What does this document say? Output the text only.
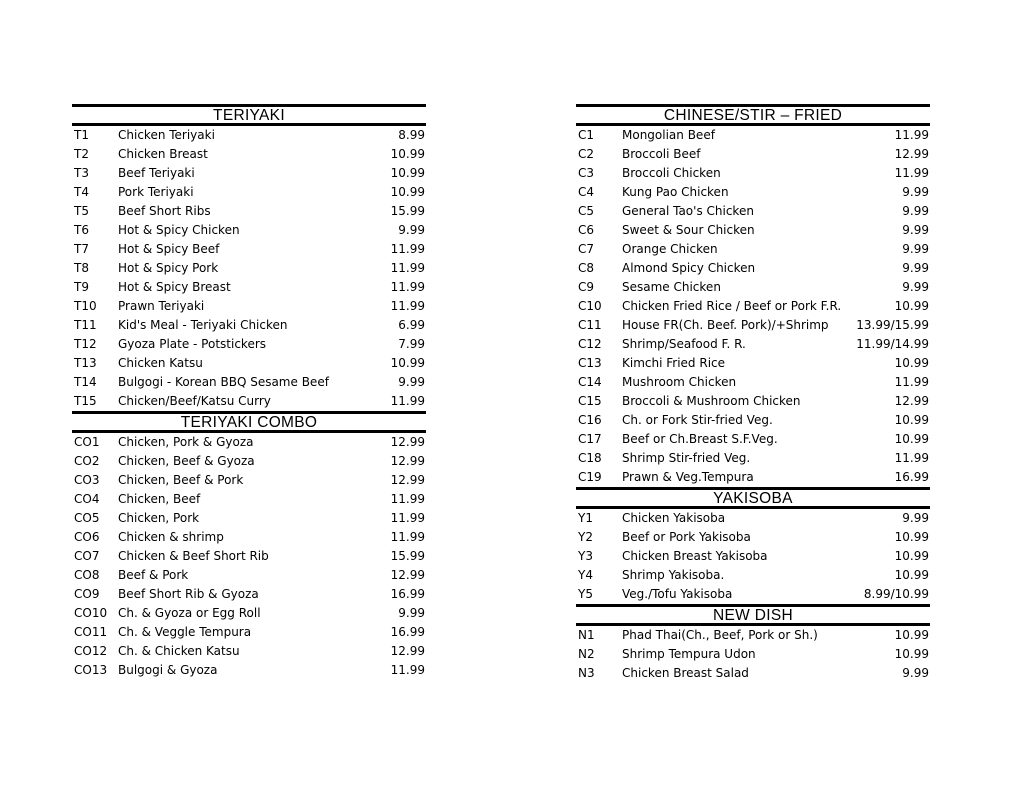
TERIYAKI
T1	Chicken Teriyaki	8.99
T2	Chicken Breast	10.99
T3	Beef Teriyaki	10.99
T4	Pork Teriyaki	10.99
T5	Beef Short Ribs	15.99
T6	Hot & Spicy Chicken	9.99
T7	Hot & Spicy Beef	11.99
T8	Hot & Spicy Pork	11.99
T9	Hot & Spicy Breast	11.99
T10	Prawn Teriyaki	11.99
T11	Kid's Meal - Teriyaki Chicken	6.99
T12	Gyoza Plate - Potstickers	7.99
T13	Chicken Katsu	10.99
T14	Bulgogi - Korean BBQ Sesame Beef	9.99
T15	Chicken/Beef/Katsu Curry	11.99
TERIYAKI COMBO
CO1	Chicken, Pork & Gyoza	12.99
CO2	Chicken, Beef & Gyoza	12.99
CO3	Chicken, Beef & Pork	12.99
CO4	Chicken, Beef	11.99
CO5	Chicken, Pork	11.99
CO6	Chicken & shrimp	11.99
CO7	Chicken & Beef Short Rib	15.99
CO8	Beef & Pork	12.99
CO9	Beef Short Rib & Gyoza	16.99
CO10 Ch. & Gyoza or Egg Roll	9.99
CO11 Ch. & Veggle Tempura	16.99
CO12 Ch. & Chicken Katsu	12.99
CO13 Bulgogi & Gyoza	11.99
CHINESE/STIR – FRIED
C1	Mongolian Beef	11.99
C2	Broccoli Beef	12.99
C3	Broccoli Chicken	11.99
C4	Kung Pao Chicken	9.99
C5	General Tao's Chicken	9.99
C6	Sweet & Sour Chicken	9.99
C7	Orange Chicken	9.99
C8	Almond Spicy Chicken	9.99
C9	Sesame Chicken	9.99
C10	Chicken Fried Rice / Beef or Pork F.R.	10.99
C11	House FR(Ch. Beef. Pork)/+Shrimp	13.99/15.99
C12	Shrimp/Seafood F. R.	11.99/14.99
C13	Kimchi Fried Rice	10.99
C14	Mushroom Chicken	11.99
C15	Broccoli & Mushroom Chicken	12.99
C16	Ch. or Fork Stir-fried Veg.	10.99
C17	Beef or Ch.Breast S.F.Veg.	10.99
C18	Shrimp Stir-fried Veg.	11.99
C19	Prawn & Veg.Tempura	16.99
YAKISOBA
Y1	Chicken Yakisoba	9.99
Y2	Beef or Pork Yakisoba	10.99
Y3	Chicken Breast Yakisoba	10.99
Y4	Shrimp Yakisoba.	10.99
Y5	Veg./Tofu Yakisoba	8.99/10.99
NEW DISH
N1	Phad Thai(Ch., Beef, Pork or Sh.)	10.99
N2	Shrimp Tempura Udon	10.99
N3	Chicken Breast Salad	9.99
